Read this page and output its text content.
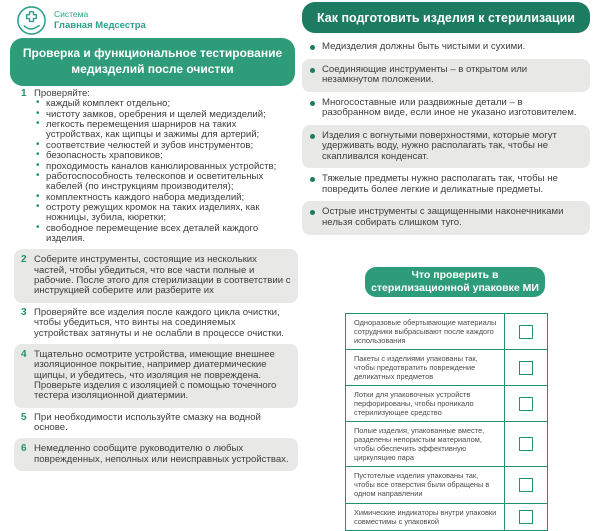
Система
Главная Медсестра
Как подготовить изделия к стерилизации
Проверка и функциональное тестирование медизделий после очистки
1 Проверяйте:
• каждый комплект отдельно;
• чистоту замков, оребрения и щелей медизделий;
• легкость перемещения шарниров на таких устройствах, как щипцы и зажимы для артерий;
• соответствие челюстей и зубов инструментов;
• безопасность храповиков;
• проходимость каналов канюлированных устройств;
• работоспособность телескопов и осветительных кабелей (по инструкциям производителя);
• комплектность каждого набора медизделий;
• остроту режущих кромок на таких изделиях, как ножницы, зубила, кюретки;
• свободное перемещение всех деталей каждого изделия.
2 Соберите инструменты, состоящие из нескольких частей, чтобы убедиться, что все части полные и рабочие. После этого для стерилизации в соответствии с инструкцией соберите или разберите их
3 Проверяйте все изделия после каждого цикла очистки, чтобы убедиться, что винты на соединяемых устройствах затянуты и не ослабли в процессе очистки.
4 Тщательно осмотрите устройства, имеющие внешнее изоляционное покрытие, например диатермические щипцы, и убедитесь, что изоляция не повреждена. Проверьте изделия с изоляцией с помощью точечного тестера изоляционной диатермии.
5 При необходимости используйте смазку на водной основе.
6 Немедленно сообщите руководителю о любых поврежденных, неполных или неисправных устройствах.
Медизделия должны быть чистыми и сухими.
Соединяющие инструменты – в открытом или незамкнутом положении.
Многосоставные или раздвижные детали – в разобранном виде, если иное не указано изготовителем.
Изделия с вогнутыми поверхностями, которые могут удерживать воду, нужно располагать так, чтобы не скапливался конденсат.
Тяжелые предметы нужно располагать так, чтобы не повредить более легкие и деликатные предметы.
Острые инструменты с защищенными наконечниками нельзя собирать слишком туго.
Что проверить в стерилизационной упаковке МИ
Одноразовые обертывающие материалы сотрудники выбрасывают после каждого использования
Пакеты с изделиями упакованы так, чтобы предотвратить повреждение деликатных предметов
Лотки для упаковочных устройств перфорированы, чтобы проникало стерилизующее средство
Полые изделия, упакованные вместе, разделены непористым материалом, чтобы обеспечить эффективную циркуляцию пара
Пустотелые изделия упакованы так, чтобы все отверстия были обращены в одном направлении
Химические индикаторы внутри упаковки совместимы с упаковкой
